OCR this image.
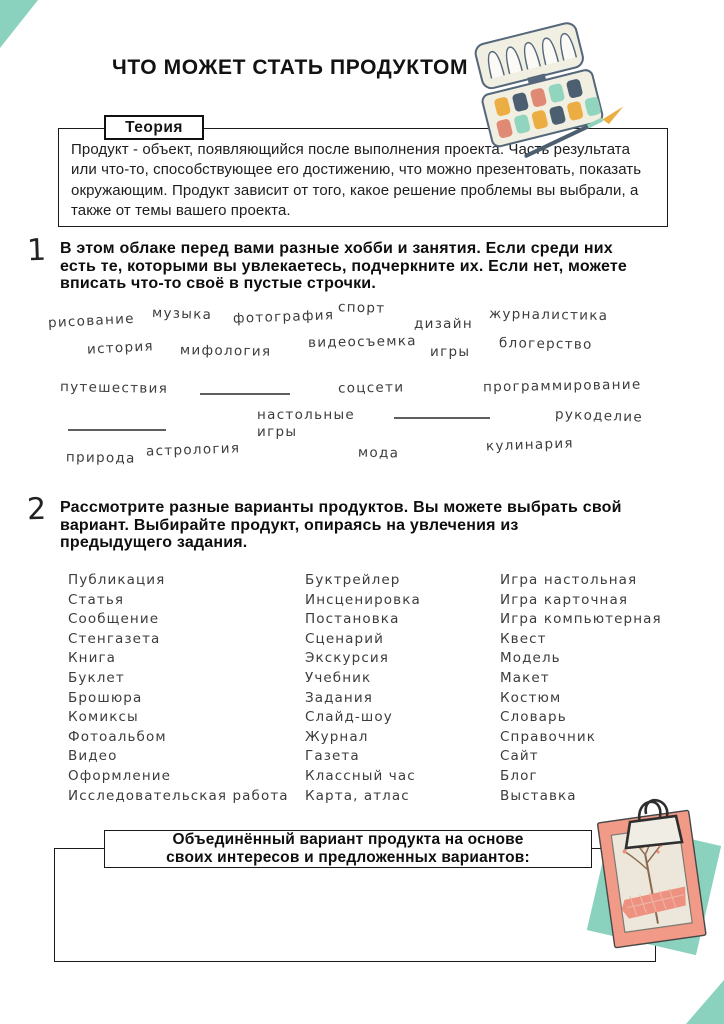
ЧТО МОЖЕТ СТАТЬ ПРОДУКТОМ
Продукт - объект, появляющийся после выполнения проекта. Часть результата или что-то, способствующее его достижению, что можно презентовать, показать окружающим. Продукт зависит от того, какое решение проблемы вы выбрали, а также от темы вашего проекта.
Теория
1 В этом облаке перед вами разные хобби и занятия. Если среди них есть те, которыми вы увлекаетесь, подчеркните их. Если нет, можете вписать что-то своё в пустые строчки.
рисование музыка фотография спорт
дизайн журналистика
история мифология
видеосъемка
игры блогерство
путешествия	соцсети	программирование
настольные игры
рукоделие
природа астрология	мода	кулинария
2 Рассмотрите разные варианты продуктов. Вы можете выбрать свой вариант. Выбирайте продукт, опираясь на увлечения из предыдущего задания.
Публикация
Статья
Сообщение
Стенгазета
Книга
Буклет
Брошюра
Комиксы
Фотоальбом
Видео
Оформление
Исследовательская работа
Буктрейлер
Инсценировка
Постановка
Сценарий
Экскурсия
Учебник
Задания
Слайд-шоу
Журнал
Газета
Классный час
Карта, атлас
Игра настольная
Игра карточная
Игра компьютерная
Квест
Модель
Макет
Костюм
Словарь
Справочник
Сайт
Блог
Выставка
Объединённый вариант продукта на основе своих интересов и предложенных вариантов:
